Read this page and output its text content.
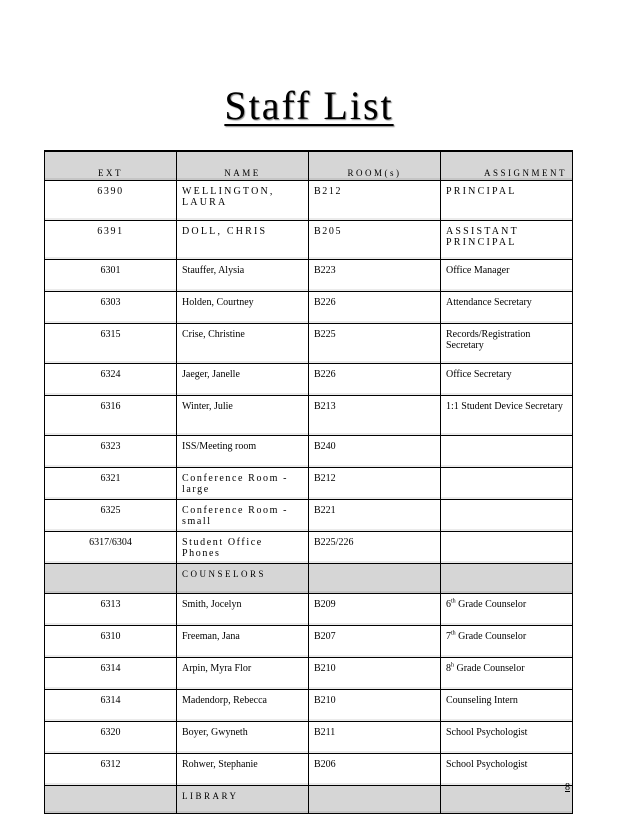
Staff List
EXT	NAME	ROOM(s)	ASSIGNMENT
6390	WELLINGTON, LAURA	B212	PRINCIPAL
6391	DOLL, CHRIS	B205	ASSISTANT PRINCIPAL
6301	Stauffer, Alysia	B223	Office Manager
6303	Holden, Courtney	B226	Attendance Secretary
6315	Crise, Christine	B225	Records/Registration Secretary
6324	Jaeger, Janelle	B226	Office Secretary
6316	Winter, Julie	B213	1:1 Student Device Secretary
6323	ISS/Meeting room	B240	
6321	Conference Room - large	B212	
6325	Conference Room - small	B221	
6317/6304	Student Office Phones	B225/226	
	COUNSELORS		
6313	Smith, Jocelyn	B209	6th Grade Counselor
6310	Freeman, Jana	B207	7th Grade Counselor
6314	Arpin, Myra Flor	B210	8$^h$ Grade Counselor
6314	Madendorp, Rebecca	B210	Counseling Intern
6320	Boyer, Gwyneth	B211	School Psychologist
6312	Rohwer, Stephanie	B206	School Psychologist
	LIBRARY		
8
